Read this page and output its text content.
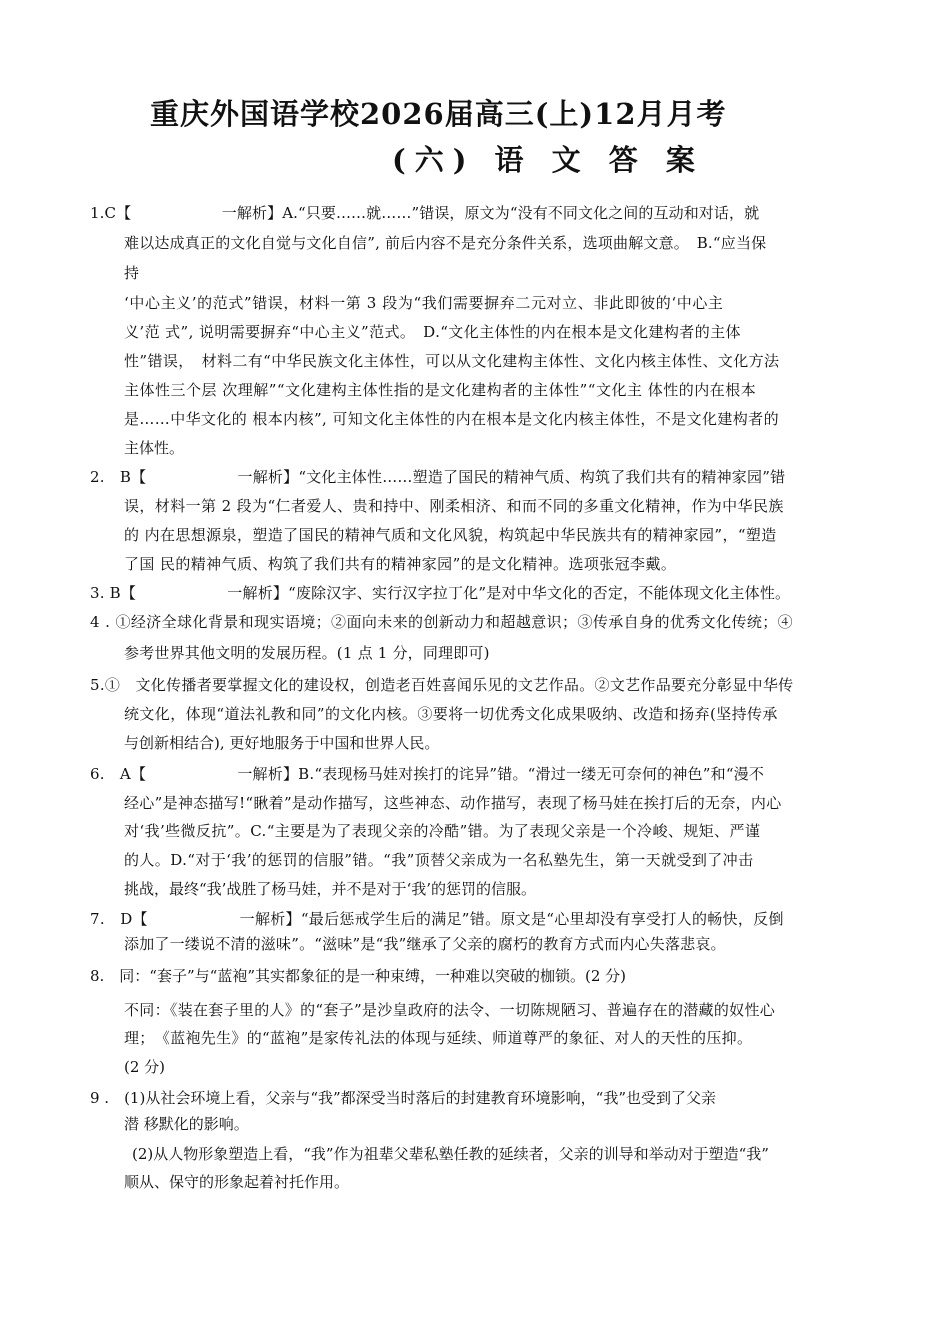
重庆外国语学校2026届高三(上)12月月考
(六) 语 文 答 案
1.C【　　　　　　一解析】A.“只要……就……”错误，原文为“没有不同文化之间的互动和对话，就
难以达成真正的文化自觉与文化自信”, 前后内容不是充分条件关系，选项曲解文意。　B.“应当保
持
‘中心主义’的范式”错误，材料一第 3 段为“我们需要摒弃二元对立、非此即彼的‘中心主
义’范 式”, 说明需要摒弃“中心主义”范式。　D.“文化主体性的内在根本是文化建构者的主体
性”错误，　材料二有“中华民族文化主体性，可以从文化建构主体性、文化内核主体性、文化方法
主体性三个层 次理解”“文化建构主体性指的是文化建构者的主体性”“文化主 体性的内在根本
是……中华文化的 根本内核”, 可知文化主体性的内在根本是文化内核主体性，不是文化建构者的
主体性。
2.　B【　　　　　　一解析】“文化主体性……塑造了国民的精神气质、构筑了我们共有的精神家园”错
误，材料一第 2 段为“仁者爱人、贵和持中、刚柔相济、和而不同的多重文化精神，作为中华民族
的 内在思想源泉，塑造了国民的精神气质和文化风貌，构筑起中华民族共有的精神家园”，“塑造
了国 民的精神气质、构筑了我们共有的精神家园”的是文化精神。选项张冠李戴。
3. B【　　　　　　一解析】“废除汉字、实行汉字拉丁化”是对中华文化的否定，不能体现文化主体性。
4 . ①经济全球化背景和现实语境；②面向未来的创新动力和超越意识；③传承自身的优秀文化传统；④
参考世界其他文明的发展历程。(1 点 1 分，同理即可)
5.①　文化传播者要掌握文化的建设权，创造老百姓喜闻乐见的文艺作品。②文艺作品要充分彰显中华传
统文化，体现“道法礼教和同”的文化内核。③要将一切优秀文化成果吸纳、改造和扬弃(坚持传承
与创新相结合), 更好地服务于中国和世界人民。
6.　A【　　　　　　一解析】B.“表现杨马娃对挨打的诧异”错。“滑过一缕无可奈何的神色”和“漫不
经心”是神态描写!“瞅着”是动作描写，这些神态、动作描写，表现了杨马娃在挨打后的无奈，内心
对‘我’些微反抗”。C.“主要是为了表现父亲的冷酷”错。为了表现父亲是一个冷峻、规矩、严谨
的人。D.“对于‘我’的惩罚的信服”错。“我”顶替父亲成为一名私塾先生，第一天就受到了冲击
挑战，最终“我’战胜了杨马娃，并不是对于‘我’的惩罚的信服。
7.　D【　　　　　　一解析】“最后惩戒学生后的满足”错。原文是“心里却没有享受打人的畅快，反倒
添加了一缕说不清的滋味”。“滋味”是“我”继承了父亲的腐朽的教育方式而内心失落悲哀。
8.　同：“套子”与“蓝袍”其实都象征的是一种束缚，一种难以突破的枷锁。(2 分)
不同：《装在套子里的人》的“套子”是沙皇政府的法令、一切陈规陋习、普遍存在的潜藏的奴性心
理；　《蓝袍先生》的“蓝袍”是家传礼法的体现与延续、师道尊严的象征、对人的天性的压抑。
(2 分)
9 .　(1)从社会环境上看，父亲与“我”都深受当时落后的封建教育环境影响，“我”也受到了父亲
潜 移默化的影响。
(2)从人物形象塑造上看，“我”作为祖辈父辈私塾任教的延续者，父亲的训导和举动对于塑造“我”
顺从、保守的形象起着衬托作用。
